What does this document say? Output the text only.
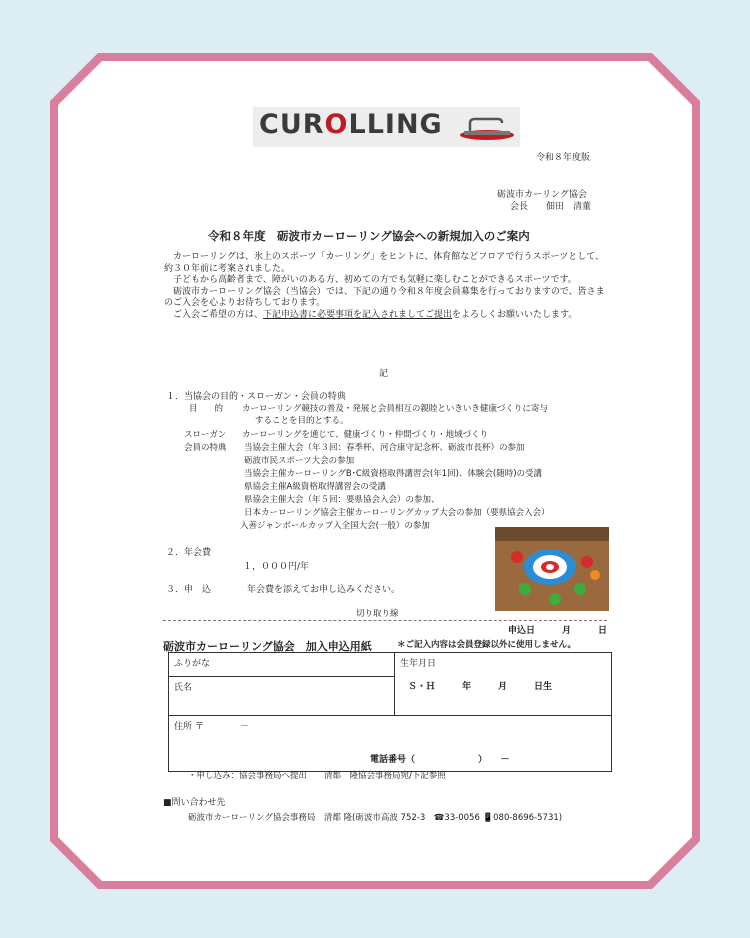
CUROLLING
令和８年度版
砺波市カーリング協会
会長　　佃田　清董
令和８年度　砺波市カーローリング協会への新規加入のご案内

カーローリングは、氷上のスポーツ「カーリング」をヒントに、体育館などフロアで行うスポーツとして、約３０年前に考案されました。

子どもから高齢者まで、障がいのある方、初めての方でも気軽に楽しむことができるスポーツです。

砺波市カーローリング協会（当協会）では、下記の通り令和８年度会員募集を行っておりますので、皆さまのご入会を心よりお待ちしております。

ご入会ご希望の方は、下記申込書に必要事項を記入されましてご提出をよろしくお願いいたします。

記
１．当協会の目的・スローガン・会員の特典
目　　的 カーローリング競技の普及・発展と会員相互の親睦といきいき健康づくりに寄与
することを目的とする。
スローガン カーローリングを通じて、健康づくり・仲間づくり・地域づくり
会員の特典 当協会主催大会（年３回：春季杯、河合康守記念杯、砺波市長杯）の参加
砺波市民スポーツ大会の参加
当協会主催カーローリングB･C級資格取得講習会(年1回)、体験会(随時)の受講
県協会主催A級資格取得講習会の受講
県協会主催大会（年５回：要県協会入会）の参加、
日本カーローリング協会主催カーローリングカップ大会の参加（要県協会入会）
入善ジャンボールカップ入全国大会(一般）の参加
２．年会費
１，０００円/年
３．申　込	年会費を添えてお申し込みください。
切り取り線
申込日　　　月　　　日
砺波市カーローリング協会　加入申込用紙	＊ご記入内容は会員登録以外に使用しません。
ふりがな	生年月日
Ｓ・Ｈ　　　年　　　月　　　日生

氏名

住所 〒　　　　－
電話番号（　　　　　　　）　　－
・申し込み：協会事務局へ提出　　清都　隆協会事務局宛/下記参照
■問い合わせ先
砺波市カーローリング協会事務局　清都 隆(砺波市高波 752-3　☎33-0056 📱080-8696-5731)
